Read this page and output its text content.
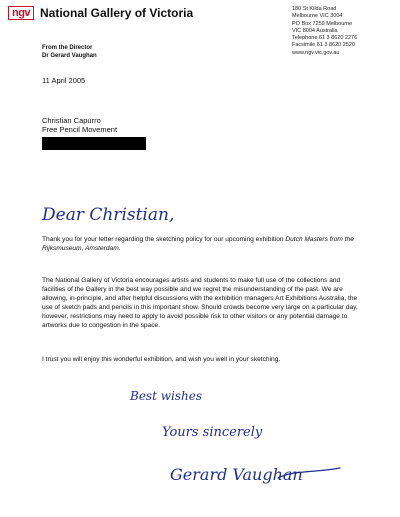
ngv National Gallery of Victoria
From the Director
Dr Gerard Vaughan
180 St Kilda Road
Melbourne VIC 3004
PO Box 7259 Melbourne
VIC 8004 Australia
Telephone 61 3 8620 2276
Facsimile 61 3 8620 2520
www.ngv.vic.gov.au
11 April 2005
Christian Capurro
Free Pencil Movement
Dear Christian,

Thank you for your letter regarding the sketching policy for our upcoming exhibition Dutch Masters from the Rijksmuseum, Amsterdam.

The National Gallery of Victoria encourages artists and students to make full use of the collections and facilities of the Gallery in the best way possible and we regret the misunderstanding of the past. We are allowing, in-principle, and after helpful discussions with the exhibition managers Art Exhibitions Australia, the use of sketch pads and pencils in this important show. Should crowds become very large on a particular day, however, restrictions may need to apply to avoid possible risk to other visitors or any potential damage to artworks due to congestion in the space.

I trust you will enjoy this wonderful exhibition, and wish you well in your sketching.

Best wishes
Yours sincerely
Gerard Vaughan
